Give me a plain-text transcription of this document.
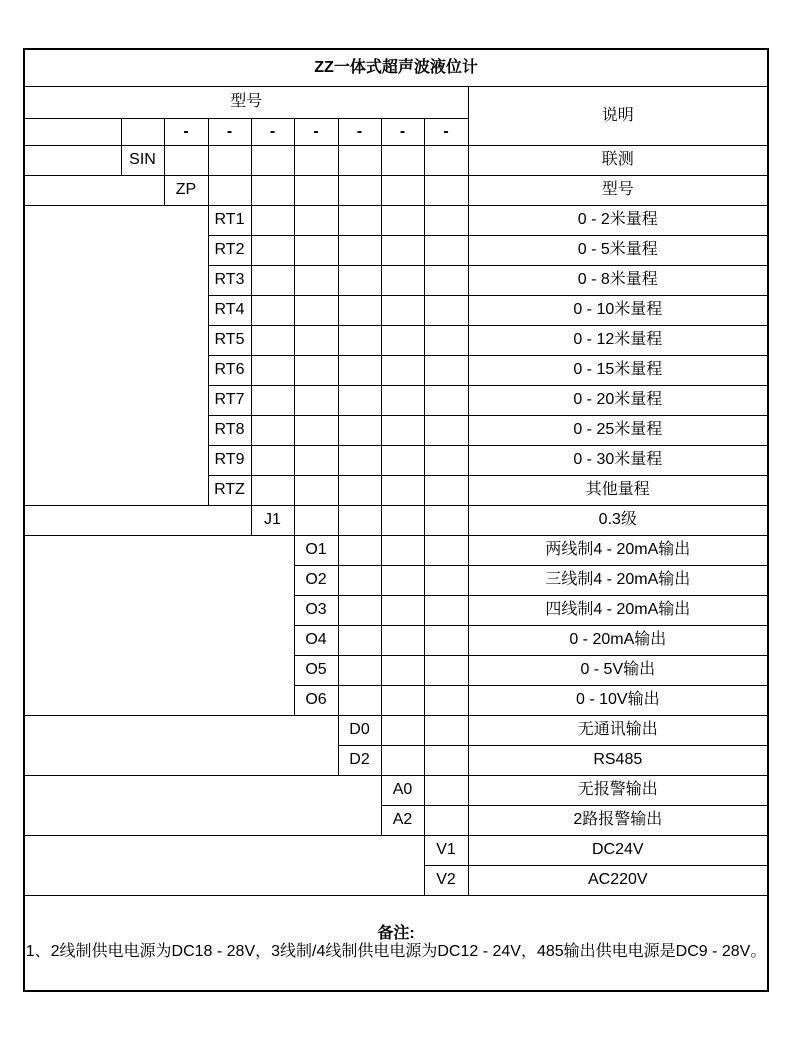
ZZ一体式超声波液位计									
型号									说明
		-	-	-	-	-	-	-	
公司名称	SIN								联测
型号		ZP							型号
量程			RT1						0 - 2米量程
			RT2						0 - 5米量程
			RT3						0 - 8米量程
			RT4						0 - 10米量程
			RT5						0 - 12米量程
			RT6						0 - 15米量程
			RT7						0 - 20米量程
			RT8						0 - 25米量程
			RT9						0 - 30米量程
			RTZ						其他量程
精度等级				J1					0.3级
变送输出类型					O1				两线制4 - 20mA输出
					O2				三线制4 - 20mA输出
					O3				四线制4 - 20mA输出
					O4				0 - 20mA输出
					O5				0 - 5V输出
					O6				0 - 10V输出
通讯输出类型						D0			无通讯输出
						D2			RS485
报警输出							A0		无报警输出
							A2		2路报警输出
供电电源								V1	DC24V
								V2	AC220V

备注:
1、2线制供电电源为DC18 - 28V，3线制/4线制供电电源为DC12 - 24V，485输出供电电源是DC9 - 28V。									
